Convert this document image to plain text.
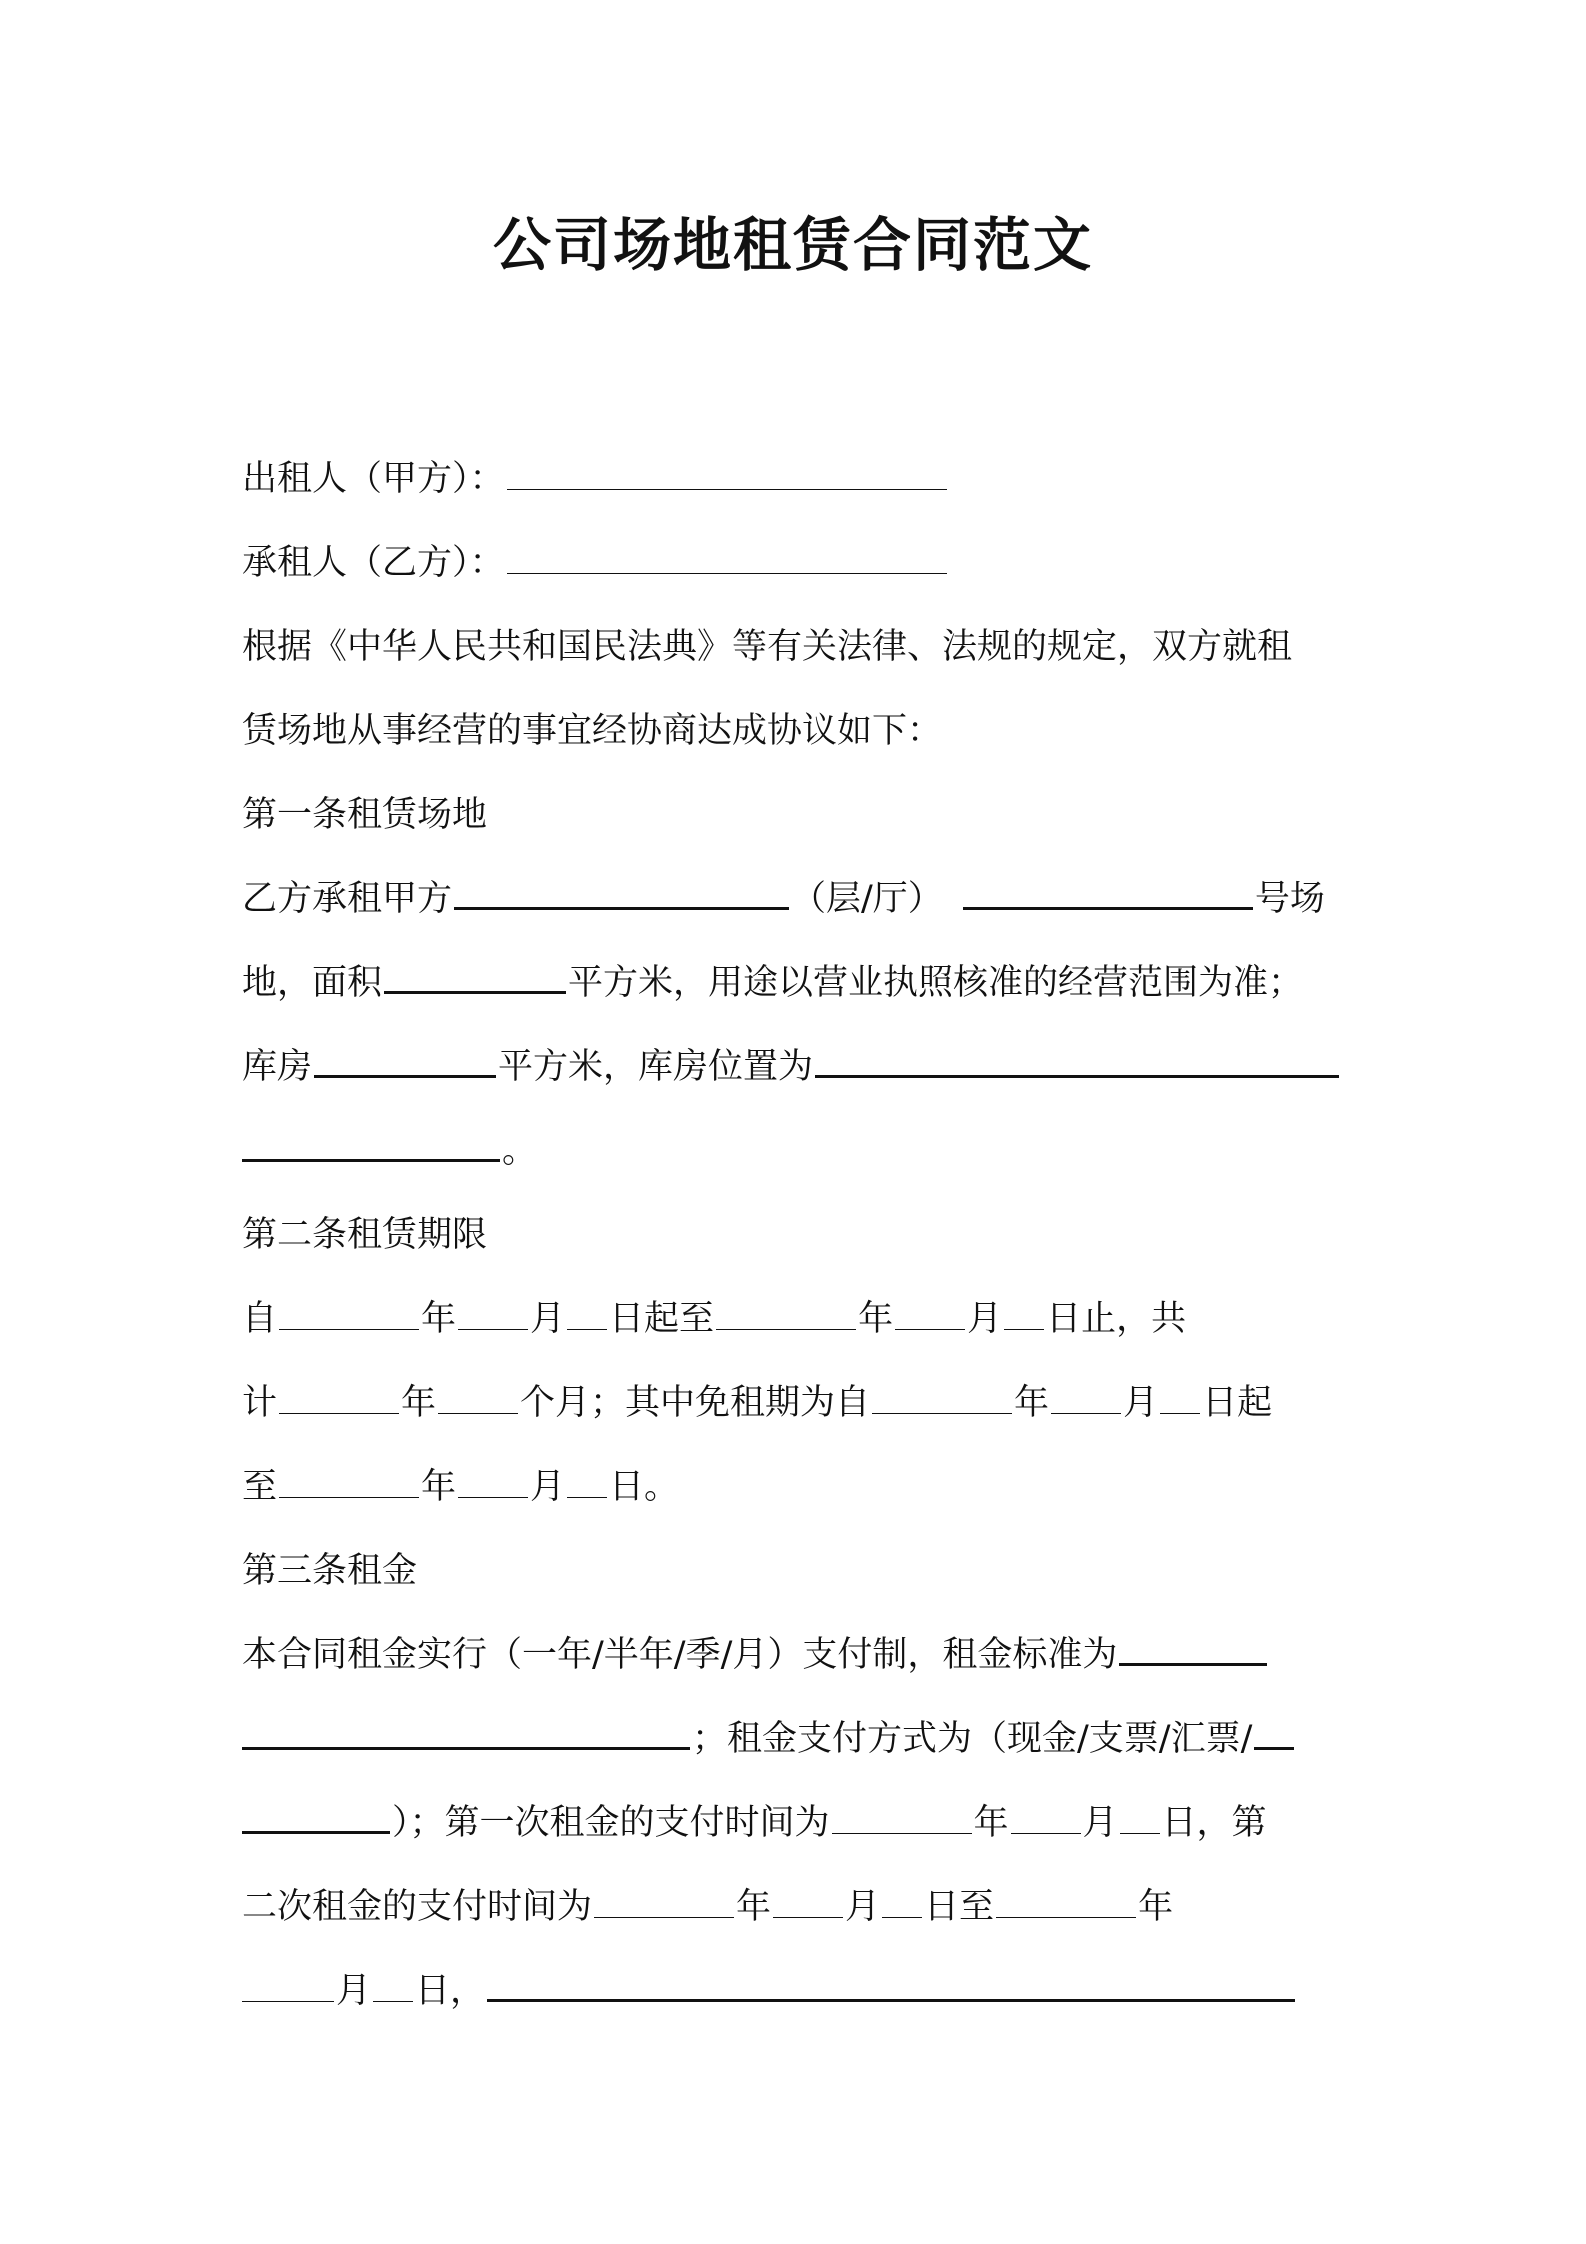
公司场地租赁合同范文
出租人（甲方）：
承租人（乙方）：
根据《中华人民共和国民法典》等有关法律、法规的规定，双方就租
赁场地从事经营的事宜经协商达成协议如下：
第一条租赁场地
乙方承租甲方	（层/厅）	号场
地，面积	平方米，用途以营业执照核准的经营范围为准；
库房	平方米，库房位置为
。
第二条租赁期限
自	年 月 日起至	年 月 日止，共
计	年 个月；其中免租期为自	年 月 日起
至	年 月 日。
第三条租金
本合同租金实行（一年/半年/季/月）支付制，租金标准为
；租金支付方式为（现金/支票/汇票/
）；第一次租金的支付时间为	年 月 日，第
二次租金的支付时间为	年 月 日至	年
月 日，
